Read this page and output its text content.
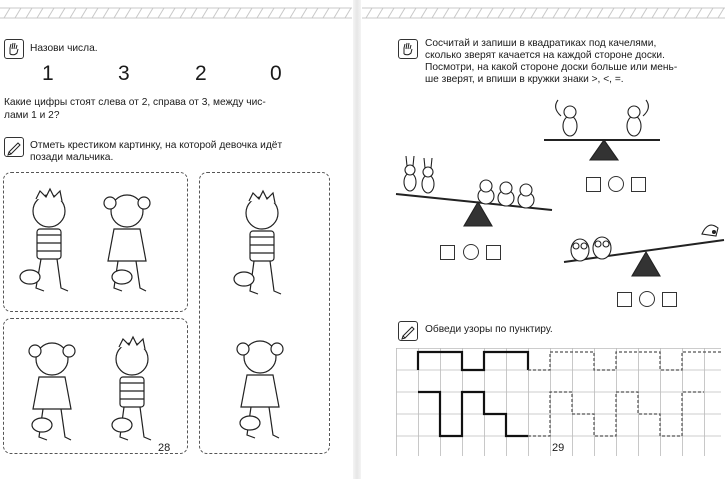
Назови числа.

1	3	2	0

Какие цифры стоят слева от 2, справа от 3, между чис-

лами 1 и 2?

Отметь крестиком картинку, на которой девочка идёт

позади мальчика.

28

Сосчитай и запиши в квадратиках под качелями,

сколько зверят качается на каждой стороне доски.

Посмотри, на какой стороне доски больше или мень-

ше зверят, и впиши в кружки знаки >, <, =.

Обведи узоры по пунктиру.

29
